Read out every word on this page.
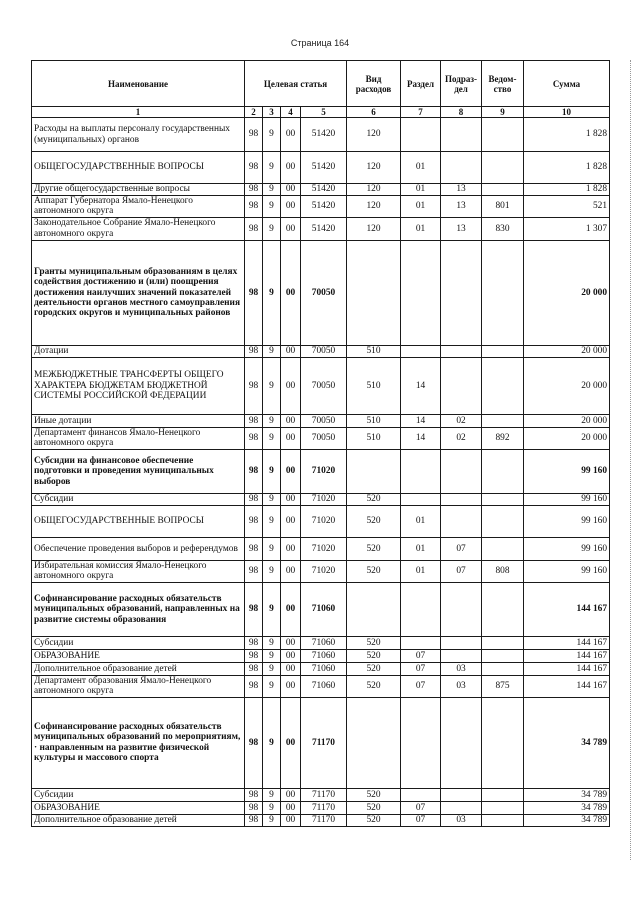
Страница 164
Наименование	Целевая статья				Вид расходов	Раздел	Подраз-дел	Ведом-ство	Сумма
1	2	3	4	5	6	7	8	9	10
Расходы на выплаты персоналу государственных (муниципальных) органов	98	9	00	51420	120				1 828
ОБЩЕГОСУДАРСТВЕННЫЕ ВОПРОСЫ	98	9	00	51420	120	01			1 828
Другие общегосударственные вопросы	98	9	00	51420	120	01	13		1 828
Аппарат Губернатора Ямало-Ненецкого автономного округа	98	9	00	51420	120	01	13	801	521
Законодательное Собрание Ямало-Ненецкого автономного округа	98	9	00	51420	120	01	13	830	1 307
Гранты муниципальным образованиям в целях содействия достижению и (или) поощрения достижения наилучших значений показателей деятельности органов местного самоуправления городских округов и муниципальных районов	98	9	00	70050					20 000
Дотации	98	9	00	70050	510				20 000
МЕЖБЮДЖЕТНЫЕ ТРАНСФЕРТЫ ОБЩЕГО ХАРАКТЕРА БЮДЖЕТАМ БЮДЖЕТНОЙ СИСТЕМЫ РОССИЙСКОЙ ФЕДЕРАЦИИ	98	9	00	70050	510	14			20 000
Иные дотации	98	9	00	70050	510	14	02		20 000
Департамент финансов Ямало-Ненецкого автономного округа	98	9	00	70050	510	14	02	892	20 000
Субсидии на финансовое обеспечение подготовки и проведения муниципальных выборов	98	9	00	71020					99 160
Субсидии	98	9	00	71020	520				99 160
ОБЩЕГОСУДАРСТВЕННЫЕ ВОПРОСЫ	98	9	00	71020	520	01			99 160
Обеспечение проведения выборов и референдумов	98	9	00	71020	520	01	07		99 160
Избирательная комиссия Ямало-Ненецкого автономного округа	98	9	00	71020	520	01	07	808	99 160
Софинансирование расходных обязательств муниципальных образований, направленных на развитие системы образования	98	9	00	71060					144 167
Субсидии	98	9	00	71060	520				144 167
ОБРАЗОВАНИЕ	98	9	00	71060	520	07			144 167
Дополнительное образование детей	98	9	00	71060	520	07	03		144 167
Департамент образования Ямало-Ненецкого автономного округа	98	9	00	71060	520	07	03	875	144 167
Софинансирование расходных обязательств муниципальных образований по мероприятиям, · направленным на развитие физической культуры и массового спорта	98	9	00	71170					34 789
Субсидии	98	9	00	71170	520				34 789
ОБРАЗОВАНИЕ	98	9	00	71170	520	07			34 789
Дополнительное образование детей	98	9	00	71170	520	07	03		34 789
